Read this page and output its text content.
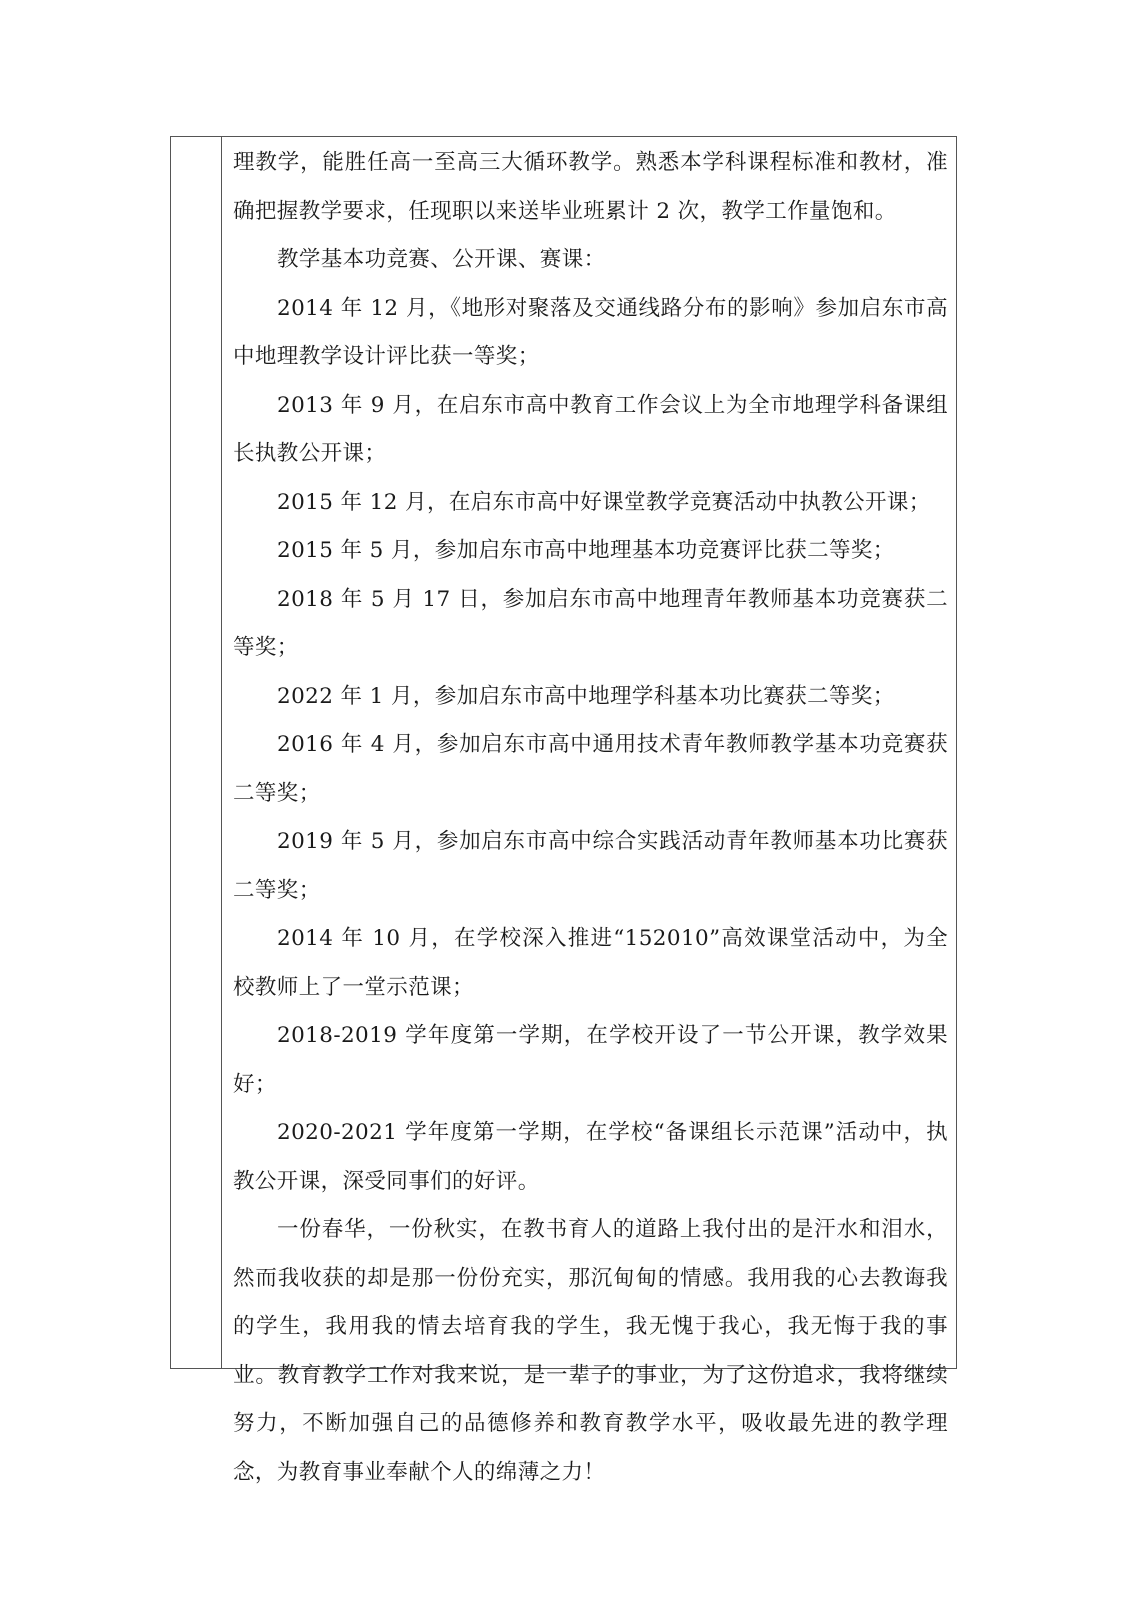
理教学，能胜任高一至高三大循环教学。熟悉本学科课程标准和教材，准确把握教学要求，任现职以来送毕业班累计 2 次，教学工作量饱和。

教学基本功竞赛、公开课、赛课：

2014 年 12 月，《地形对聚落及交通线路分布的影响》参加启东市高中地理教学设计评比获一等奖；

2013 年 9 月，在启东市高中教育工作会议上为全市地理学科备课组长执教公开课；

2015 年 12 月，在启东市高中好课堂教学竞赛活动中执教公开课；

2015 年 5 月，参加启东市高中地理基本功竞赛评比获二等奖；

2018 年 5 月 17 日，参加启东市高中地理青年教师基本功竞赛获二等奖；

2022 年 1 月，参加启东市高中地理学科基本功比赛获二等奖；

2016 年 4 月，参加启东市高中通用技术青年教师教学基本功竞赛获二等奖；

2019 年 5 月，参加启东市高中综合实践活动青年教师基本功比赛获二等奖；

2014 年 10 月，在学校深入推进“152010”高效课堂活动中，为全校教师上了一堂示范课；

2018-2019 学年度第一学期，在学校开设了一节公开课，教学效果好；

2020-2021 学年度第一学期，在学校“备课组长示范课”活动中，执教公开课，深受同事们的好评。

一份春华，一份秋实，在教书育人的道路上我付出的是汗水和泪水，然而我收获的却是那一份份充实，那沉甸甸的情感。我用我的心去教诲我的学生，我用我的情去培育我的学生，我无愧于我心，我无悔于我的事业。教育教学工作对我来说，是一辈子的事业，为了这份追求，我将继续努力，不断加强自己的品德修养和教育教学水平，吸收最先进的教学理念，为教育事业奉献个人的绵薄之力！
